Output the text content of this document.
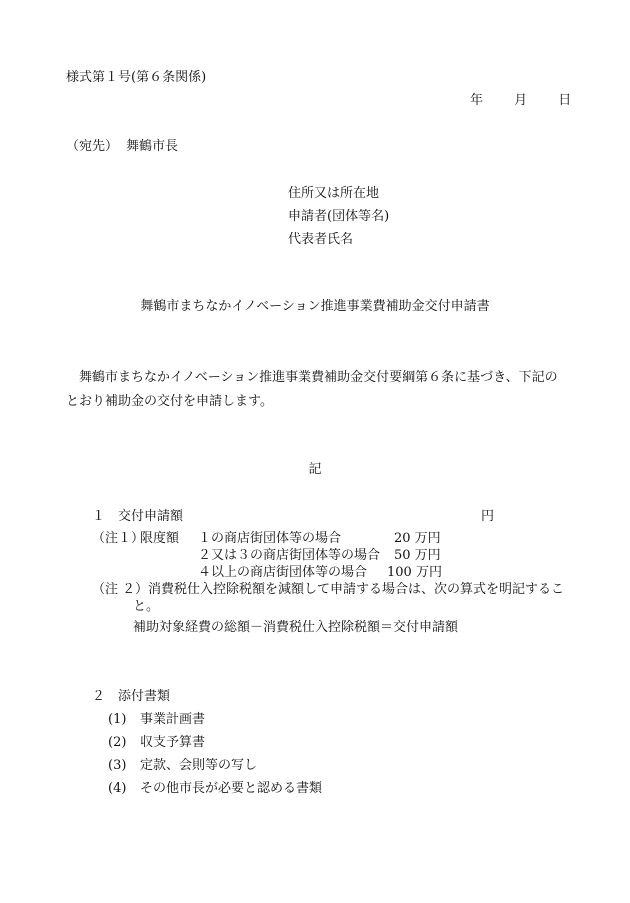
様式第１号(第６条関係)
年 月 日
（宛先） 舞鶴市長
住所又は所在地
申請者(団体等名)
代表者氏名
舞鶴市まちなかイノベーション推進事業費補助金交付申請書
舞鶴市まちなかイノベーション推進事業費補助金交付要綱第６条に基づき、下記の
とおり補助金の交付を申請します。
記
１　交付申請額	円
（注１）
限度額 １の商店街団体等の場合	20 万円
２又は３の商店街団体等の場合 50 万円
４以上の商店街団体等の場合 100 万円
（注 ２） 消費税仕入控除税額を減額して申請する場合は、次の算式を明記するこ
と。
補助対象経費の総額－消費税仕入控除税額＝交付申請額
２　添付書類
(1) 事業計画書
(2) 収支予算書
(3) 定款、会則等の写し
(4) その他市長が必要と認める書類
